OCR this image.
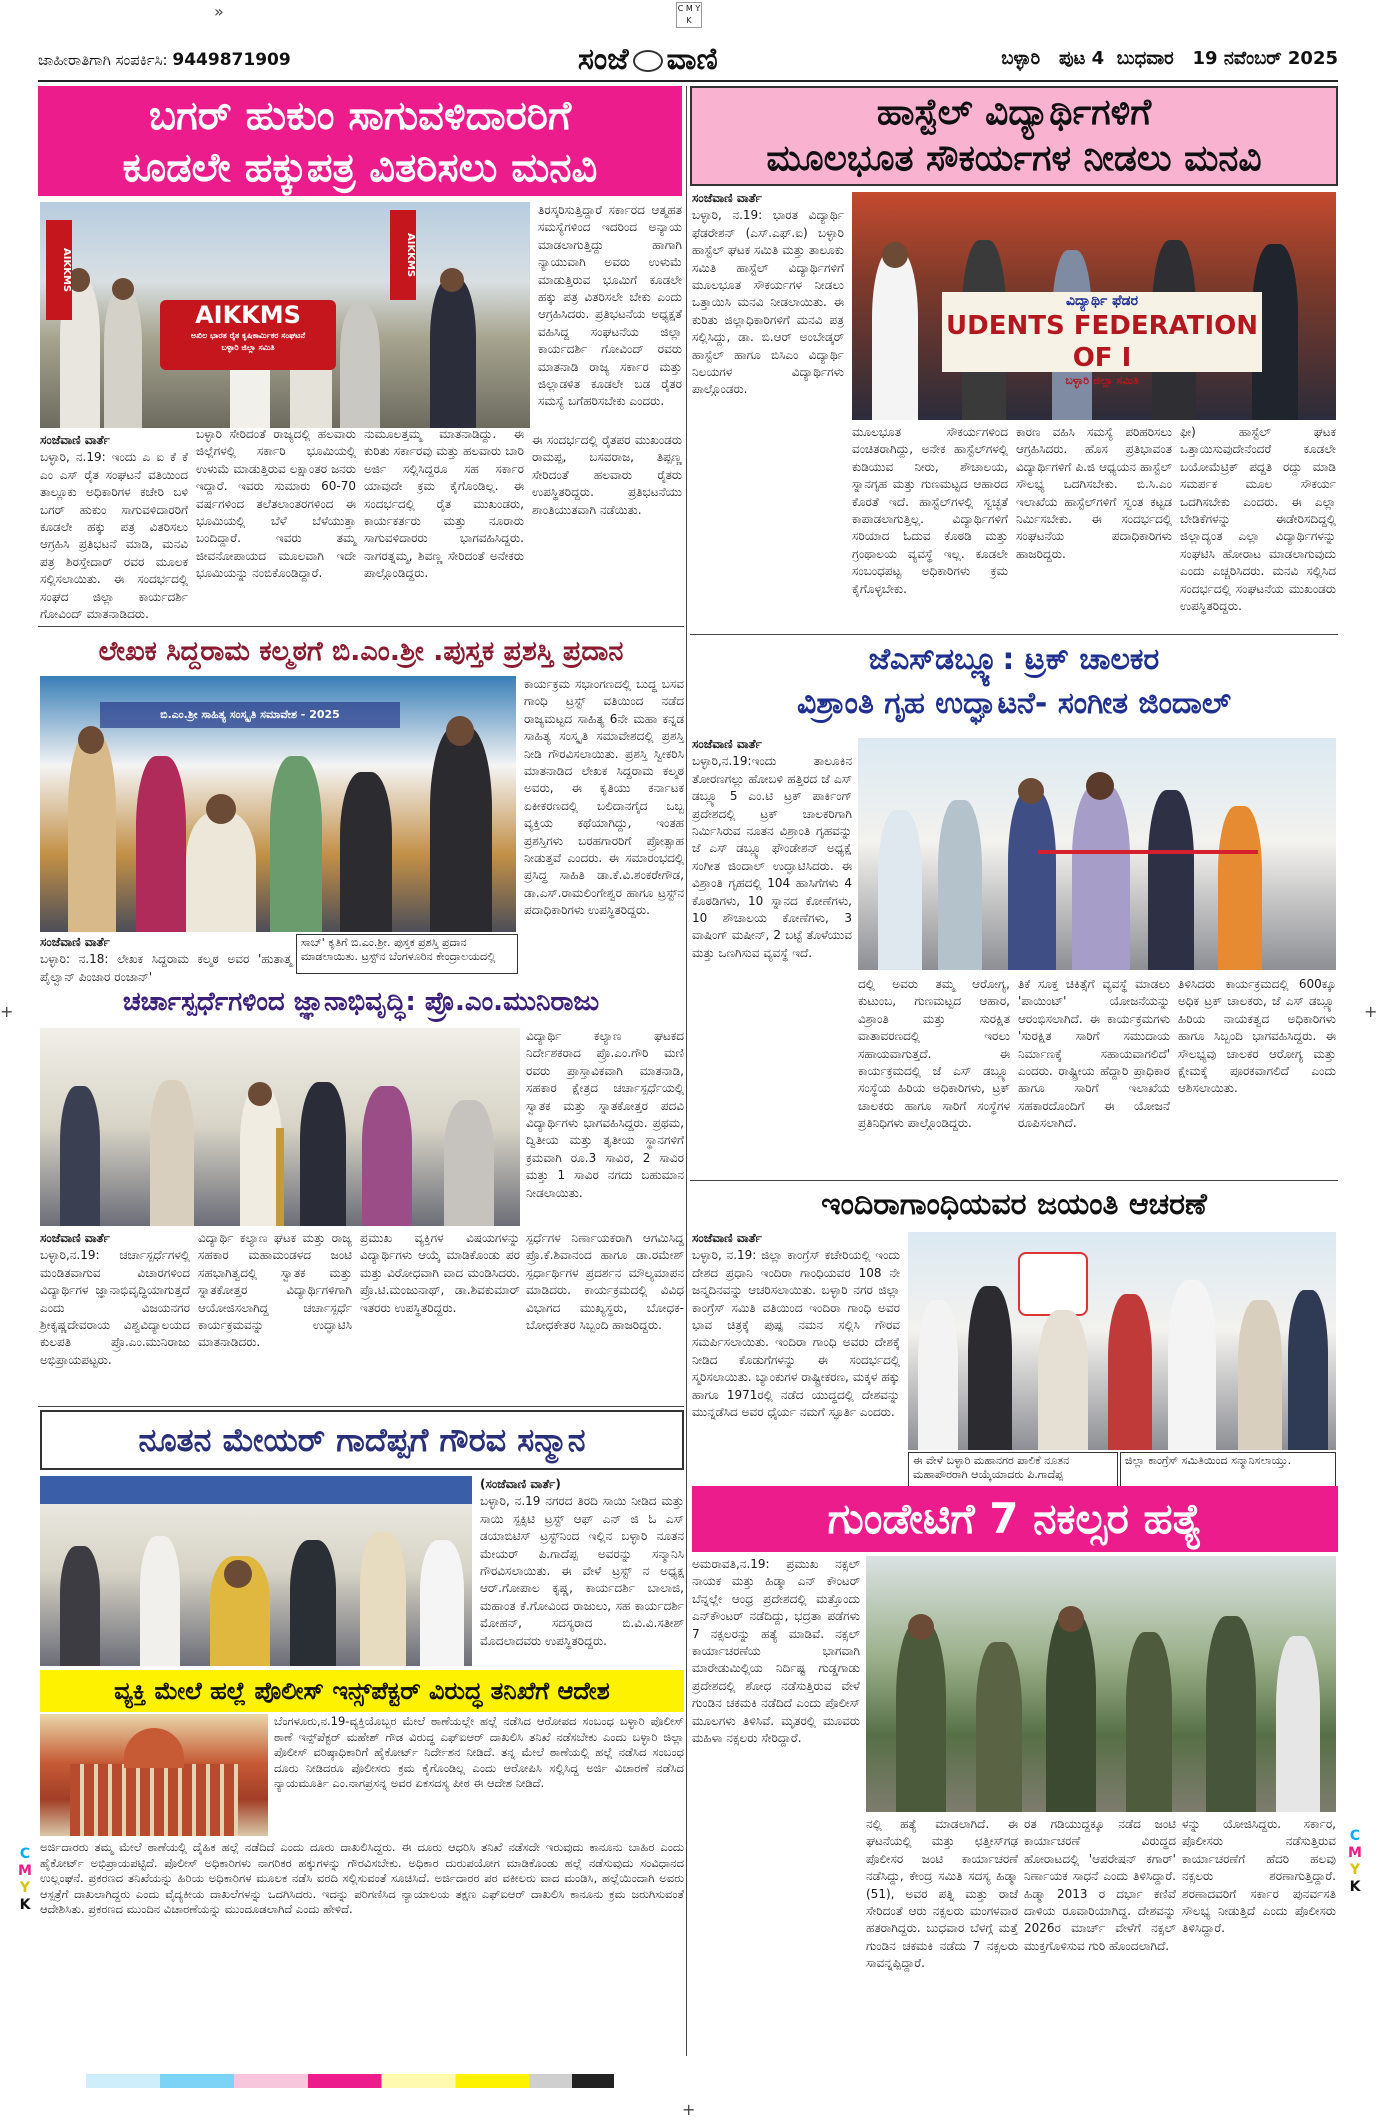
»	C M Y K
+	+
+
C
M
Y
K
C
M
Y
K
ಜಾಹೀರಾತಿಗಾಗಿ ಸಂಪರ್ಕಿಸಿ: 9449871909	ಸಂಜೆ ವಾಣಿ	ಬಳ್ಳಾರಿ ಪುಟ 4 ಬುಧವಾರ 19 ನವೆಂಬರ್ 2025
ಬಗರ್ ಹುಕುಂ ಸಾಗುವಳಿದಾರರಿಗೆ
ಕೂಡಲೇ ಹಕ್ಕುಪತ್ರ ವಿತರಿಸಲು ಮನವಿ
AIKKMS
ಅಖಿಲ ಭಾರತ ರೈತ ಕೃಷಿಕಾರ್ಮಿಕರ ಸಂಘಟನೆ
ಬಳ್ಳಾರಿ ಜಿಲ್ಲಾ ಸಮಿತಿ
AIKKMS	AIKKMS
ತಿರಸ್ಕರಿಸುತ್ತಿದ್ದಾರೆ ಸರ್ಕಾರದ ಆತ್ಮಹತ ಸಮಸ್ಯೆಗಳಿಂದ ಇದರಿಂದ ಅನ್ಯಾಯ ಮಾಡಲಾಗುತ್ತಿದ್ದು ಹಾಗಾಗಿ ನ್ಯಾಯುವಾಗಿ ಅವರು ಉಳುಮೆ ಮಾಡುತ್ತಿರುವ ಭೂಮಿಗೆ ಕೂಡಲೇ ಹಕ್ಕು ಪತ್ರ ವಿತರಿಸಲೇ ಬೇಕು ಎಂದು ಆಗ್ರಹಿಸಿದರು. ಪ್ರತಿಭಟನೆಯ ಅಧ್ಯಕ್ಷತೆ ವಹಿಸಿದ್ದ ಸಂಘಟನೆಯ ಜಿಲ್ಲಾ ಕಾರ್ಯದರ್ಶಿ ಗೋವಿಂದ್ ರವರು ಮಾತನಾಡಿ ರಾಜ್ಯ ಸರ್ಕಾರ ಮತ್ತು ಜಿಲ್ಲಾಡಳಿತ ಕೂಡಲೇ ಬಡ ರೈತರ ಸಮಸ್ಯೆ ಬಗೆಹರಿಸಬೇಕು ಎಂದರು.
ಸಂಜೆವಾಣಿ ವಾರ್ತೆ
ಬಳ್ಳಾರಿ, ನ.19: ಇಂದು ಎ ಐ ಕೆ ಕೆ ಎಂ ಎಸ್ ರೈತ ಸಂಘಟನೆ ವತಿಯಿಂದ ತಾಲ್ಲೂಕು ಅಧಿಕಾರಿಗಳ ಕಚೇರಿ ಬಳಿ ಬಗರ್ ಹುಕುಂ ಸಾಗುವಳಿದಾರರಿಗೆ ಕೂಡಲೇ ಹಕ್ಕು ಪತ್ರ ವಿತರಿಸಲು ಆಗ್ರಹಿಸಿ ಪ್ರತಿಭಟನೆ ಮಾಡಿ, ಮನವಿ ಪತ್ರ ಶಿರಸ್ತೇದಾರ್ ರವರ ಮೂಲಕ ಸಲ್ಲಿಸಲಾಯಿತು. ಈ ಸಂದರ್ಭದಲ್ಲಿ ಸಂಘದ ಜಿಲ್ಲಾ ಕಾರ್ಯದರ್ಶಿ ಗೋವಿಂದ್ ಮಾತನಾಡಿದರು.
ಬಳ್ಳಾರಿ ಸೇರಿದಂತೆ ರಾಜ್ಯದಲ್ಲಿ ಹಲವಾರು ಜಿಲ್ಲೆಗಳಲ್ಲಿ ಸರ್ಕಾರಿ ಭೂಮಿಯಲ್ಲಿ ಉಳುಮೆ ಮಾಡುತ್ತಿರುವ ಲಕ್ಷಾಂತರ ಜನರು ಇದ್ದಾರೆ. ಇವರು ಸುಮಾರು 60-70 ವರ್ಷಗಳಿಂದ ತಲೆತಲಾಂತರಗಳಿಂದ ಈ ಭೂಮಿಯಲ್ಲಿ ಬೆಳೆ ಬೆಳೆಯುತ್ತಾ ಬಂದಿದ್ದಾರೆ. ಇವರು ತಮ್ಮ ಜೀವನೋಪಾಯದ ಮೂಲವಾಗಿ ಇದೇ ಭೂಮಿಯನ್ನು ನಂಬಿಕೊಂಡಿದ್ದಾರೆ.
ನುಮೂಲತ್ತಮ್ಮ ಮಾತನಾಡಿದ್ದು. ಈ ಕುರಿತು ಸರ್ಕಾರವು ಮತ್ತು ಹಲವಾರು ಬಾರಿ ಅರ್ಜಿ ಸಲ್ಲಿಸಿದ್ದರೂ ಸಹ ಸರ್ಕಾರ ಯಾವುದೇ ಕ್ರಮ ಕೈಗೊಂಡಿಲ್ಲ. ಈ ಸಂದರ್ಭದಲ್ಲಿ ರೈತ ಮುಖಂಡರು, ಕಾರ್ಯಕರ್ತರು ಮತ್ತು ನೂರಾರು ಸಾಗುವಳಿದಾರರು ಭಾಗವಹಿಸಿದ್ದರು. ನಾಗರತ್ನಮ್ಮ, ಶಿವಣ್ಣ ಸೇರಿದಂತೆ ಅನೇಕರು ಪಾಲ್ಗೊಂಡಿದ್ದರು.
ಈ ಸಂದರ್ಭದಲ್ಲಿ ರೈತಪರ ಮುಖಂಡರು ರಾಮಪ್ಪ, ಬಸವರಾಜ, ತಿಪ್ಪಣ್ಣ ಸೇರಿದಂತೆ ಹಲವಾರು ರೈತರು ಉಪಸ್ಥಿತರಿದ್ದರು. ಪ್ರತಿಭಟನೆಯು ಶಾಂತಿಯುತವಾಗಿ ನಡೆಯಿತು.
ಹಾಸ್ಟೆಲ್ ವಿದ್ಯಾರ್ಥಿಗಳಿಗೆ
ಮೂಲಭೂತ ಸೌಕರ್ಯಗಳ ನೀಡಲು ಮನವಿ
ಸಂಜೆವಾಣಿ ವಾರ್ತೆ
ಬಳ್ಳಾರಿ, ನ.19: ಭಾರತ ವಿದ್ಯಾರ್ಥಿ ಫೆಡರೇಶನ್ (ಎಸ್.ಎಫ್.ಐ) ಬಳ್ಳಾರಿ ಹಾಸ್ಟೆಲ್ ಘಟಕ ಸಮಿತಿ ಮತ್ತು ತಾಲೂಕು ಸಮಿತಿ ಹಾಸ್ಟೆಲ್ ವಿದ್ಯಾರ್ಥಿಗಳಿಗೆ ಮೂಲಭೂತ ಸೌಕರ್ಯಗಳ ನೀಡಲು ಒತ್ತಾಯಿಸಿ ಮನವಿ ನೀಡಲಾಯಿತು. ಈ ಕುರಿತು ಜಿಲ್ಲಾಧಿಕಾರಿಗಳಿಗೆ ಮನವಿ ಪತ್ರ ಸಲ್ಲಿಸಿದ್ದು, ಡಾ. ಬಿ.ಆರ್ ಅಂಬೇಡ್ಕರ್ ಹಾಸ್ಟೆಲ್ ಹಾಗೂ ಬಿಸಿಎಂ ವಿದ್ಯಾರ್ಥಿ ನಿಲಯಗಳ ವಿದ್ಯಾರ್ಥಿಗಳು ಪಾಲ್ಗೊಂಡರು.
ವಿದ್ಯಾರ್ಥಿ ಫೆಡರ
UDENTS FEDERATION OF I
ಬಳ್ಳಾರಿ ಜಿಲ್ಲಾ ಸಮಿತಿ
ಮೂಲಭೂತ ಸೌಕರ್ಯಗಳಿಂದ ವಂಚಿತರಾಗಿದ್ದು, ಅನೇಕ ಹಾಸ್ಟೆಲ್‌ಗಳಲ್ಲಿ ಕುಡಿಯುವ ನೀರು, ಶೌಚಾಲಯ, ಸ್ನಾನಗೃಹ ಮತ್ತು ಗುಣಮಟ್ಟದ ಆಹಾರದ ಕೊರತೆ ಇದೆ. ಹಾಸ್ಟೆಲ್‌ಗಳಲ್ಲಿ ಸ್ವಚ್ಛತೆ ಕಾಪಾಡಲಾಗುತ್ತಿಲ್ಲ. ವಿದ್ಯಾರ್ಥಿಗಳಿಗೆ ಸರಿಯಾದ ಓದುವ ಕೊಠಡಿ ಮತ್ತು ಗ್ರಂಥಾಲಯ ವ್ಯವಸ್ಥೆ ಇಲ್ಲ. ಕೂಡಲೇ ಸಂಬಂಧಪಟ್ಟ ಅಧಿಕಾರಿಗಳು ಕ್ರಮ ಕೈಗೊಳ್ಳಬೇಕು.
ಕಾರಣ ವಹಿಸಿ ಸಮಸ್ಯೆ ಪರಿಹರಿಸಲು ಆಗ್ರಹಿಸಿದರು. ಹೊಸ ಪ್ರತಿಭಾವಂತ ವಿದ್ಯಾರ್ಥಿಗಳಿಗೆ ಪಿ.ಜಿ ಆಧ್ಯಯನ ಹಾಸ್ಟೆಲ್ ಸೌಲಭ್ಯ ಒದಗಿಸಬೇಕು. ಬಿ.ಸಿ.ಎಂ ಇಲಾಖೆಯ ಹಾಸ್ಟೆಲ್‌ಗಳಿಗೆ ಸ್ವಂತ ಕಟ್ಟಡ ನಿರ್ಮಿಸಬೇಕು. ಈ ಸಂದರ್ಭದಲ್ಲಿ ಸಂಘಟನೆಯ ಪದಾಧಿಕಾರಿಗಳು ಹಾಜರಿದ್ದರು.
ಫೀ) ಹಾಸ್ಟೆಲ್ ಘಟಕ ಒತ್ತಾಯಿಸುವುದೇನೆಂದರೆ ಕೂಡಲೇ ಬಯೋಮೆಟ್ರಿಕ್ ಪದ್ದತಿ ರದ್ದು ಮಾಡಿ ಸಮರ್ಪಕ ಮೂಲ ಸೌಕರ್ಯ ಒದಗಿಸಬೇಕು ಎಂದರು. ಈ ಎಲ್ಲಾ ಬೇಡಿಕೆಗಳನ್ನು ಈಡೇರಿಸದಿದ್ದಲ್ಲಿ ಜಿಲ್ಲಾದ್ಯಂತ ಎಲ್ಲಾ ವಿದ್ಯಾರ್ಥಿಗಳನ್ನು ಸಂಘಟಿಸಿ ಹೋರಾಟ ಮಾಡಲಾಗುವುದು ಎಂದು ಎಚ್ಚರಿಸಿದರು. ಮನವಿ ಸಲ್ಲಿಸಿದ ಸಂದರ್ಭದಲ್ಲಿ ಸಂಘಟನೆಯ ಮುಖಂಡರು ಉಪಸ್ಥಿತರಿದ್ದರು.
ಲೇಖಕ ಸಿದ್ದರಾಮ ಕಲ್ಮಠಗೆ ಬಿ.ಎಂ.ಶ್ರೀ .ಪುಸ್ತಕ ಪ್ರಶಸ್ತಿ ಪ್ರದಾನ
ಬಿ.ಎಂ.ಶ್ರೀ ಸಾಹಿತ್ಯ ಸಂಸ್ಕೃತಿ ಸಮಾವೇಶ - 2025
ಕಾರ್ಯಕ್ರಮ ಸಭಾಂಗಣದಲ್ಲಿ ಬುದ್ಧ ಬಸವ ಗಾಂಧಿ ಟ್ರಸ್ಟ್ ವತಿಯಿಂದ ನಡೆದ ರಾಜ್ಯಮಟ್ಟದ ಸಾಹಿತ್ಯ 6ನೇ ಮಹಾ ಕನ್ನಡ ಸಾಹಿತ್ಯ ಸಂಸ್ಕೃತಿ ಸಮಾವೇಶದಲ್ಲಿ ಪ್ರಶಸ್ತಿ ನೀಡಿ ಗೌರವಿಸಲಾಯಿತು. ಪ್ರಶಸ್ತಿ ಸ್ವೀಕರಿಸಿ ಮಾತನಾಡಿದ ಲೇಖಕ ಸಿದ್ದರಾಮ ಕಲ್ಮಠ ಅವರು, ಈ ಕೃತಿಯು ಕರ್ನಾಟಕ ಏಕೀಕರಣದಲ್ಲಿ ಬಲಿದಾನಗೈದ ಒಬ್ಬ ವ್ಯಕ್ತಿಯ ಕಥೆಯಾಗಿದ್ದು, ಇಂತಹ ಪ್ರಶಸ್ತಿಗಳು ಬರಹಗಾರರಿಗೆ ಪ್ರೋತ್ಸಾಹ ನೀಡುತ್ತವೆ ಎಂದರು. ಈ ಸಮಾರಂಭದಲ್ಲಿ ಪ್ರಸಿದ್ಧ ಸಾಹಿತಿ ಡಾ.ಕೆ.ವಿ.ಶಂಕರೇಗೌಡ, ಡಾ.ಎಸ್.ರಾಮಲಿಂಗೇಶ್ವರ ಹಾಗೂ ಟ್ರಸ್ಟ್‌ನ ಪದಾಧಿಕಾರಿಗಳು ಉಪಸ್ಥಿತರಿದ್ದರು.
ಸಂಜೆವಾಣಿ ವಾರ್ತೆ
ಬಳ್ಳಾರಿ: ನ.18: ಲೇಖಕ ಸಿದ್ದರಾಮ ಕಲ್ಮಠ ಅವರ 'ಹುತಾತ್ಮ ಪೈಲ್ವಾನ್ ಪಿಂಜಾರ ರಂಜಾನ್'
ಸಾಬ್' ಕೃತಿಗೆ ಬಿ.ಎಂ.ಶ್ರೀ. ಪುಸ್ತಕ ಪ್ರಶಸ್ತಿ ಪ್ರದಾನ ಮಾಡಲಾಯಿತು. ಟ್ರಸ್ಟ್‌ನ ಬೆಂಗಳೂರಿನ ಕೇಂದ್ರಾಲಯದಲ್ಲಿ
ಜೆಎಸ್‌ಡಬ್ಲ್ಯೂ: ಟ್ರಕ್ ಚಾಲಕರ
ವಿಶ್ರಾಂತಿ ಗೃಹ ಉದ್ಘಾಟನೆ- ಸಂಗೀತ ಜಿಂದಾಲ್
ಸಂಜೆವಾಣಿ ವಾರ್ತೆ
ಬಳ್ಳಾರಿ,ನ.19:ಇಂದು ತಾಲೂಕಿನ ತೋರಣಗಲ್ಲು ಹೋಬಳಿ ಹತ್ತಿರದ ಜೆ ಎಸ್ ಡಬ್ಲ್ಯೂ 5 ಎಂ.ಟಿ ಟ್ರಕ್ ಪಾರ್ಕಿಂಗ್ ಪ್ರದೇಶದಲ್ಲಿ ಟ್ರಕ್ ಚಾಲಕರಿಗಾಗಿ ನಿರ್ಮಿಸಿರುವ ನೂತನ ವಿಶ್ರಾಂತಿ ಗೃಹವನ್ನು ಜೆ ಎಸ್ ಡಬ್ಲ್ಯೂ ಫೌಂಡೇಶನ್ ಅಧ್ಯಕ್ಷೆ ಸಂಗೀತ ಜಿಂದಾಲ್ ಉದ್ಘಾಟಿಸಿದರು. ಈ ವಿಶ್ರಾಂತಿ ಗೃಹದಲ್ಲಿ 104 ಹಾಸಿಗೆಗಳು 4 ಕೊಠಡಿಗಳು, 10 ಸ್ನಾನದ ಕೋಣೆಗಳು, 10 ಶೌಚಾಲಯ ಕೋಣೆಗಳು, 3 ವಾಷಿಂಗ್ ಮಷೀನ್, 2 ಬಟ್ಟೆ ತೊಳೆಯುವ ಮತ್ತು ಒಣಗಿಸುವ ವ್ಯವಸ್ಥೆ ಇದೆ.
ದಲ್ಲಿ ಅವರು ತಮ್ಮ ಆರೋಗ್ಯ, ಕುಟುಂಬ, ಗುಣಮಟ್ಟದ ಆಹಾರ, ವಿಶ್ರಾಂತಿ ಮತ್ತು ಸುರಕ್ಷಿತ ವಾತಾವರಣದಲ್ಲಿ ಇರಲು ಸಹಾಯವಾಗುತ್ತದೆ. ಈ ಕಾರ್ಯಕ್ರಮದಲ್ಲಿ ಜೆ ಎಸ್ ಡಬ್ಲ್ಯೂ ಸಂಸ್ಥೆಯ ಹಿರಿಯ ಅಧಿಕಾರಿಗಳು, ಟ್ರಕ್ ಚಾಲಕರು ಹಾಗೂ ಸಾರಿಗೆ ಸಂಸ್ಥೆಗಳ ಪ್ರತಿನಿಧಿಗಳು ಪಾಲ್ಗೊಂಡಿದ್ದರು.
ತಿಕೆ ಸೂಕ್ತ ಚಿಕಿತ್ಸೆಗೆ ವ್ಯವಸ್ಥೆ ಮಾಡಲು 'ಪಾಯಿಂಟ್' ಯೋಜನೆಯನ್ನು ಆರಂಭಿಸಲಾಗಿದೆ. ಈ ಕಾರ್ಯಕ್ರಮಗಳು 'ಸುರಕ್ಷಿತ ಸಾರಿಗೆ ಸಮುದಾಯ ನಿರ್ಮಾಣಕ್ಕೆ ಸಹಾಯವಾಗಲಿದೆ' ಎಂದರು. ರಾಷ್ಟ್ರೀಯ ಹೆದ್ದಾರಿ ಪ್ರಾಧಿಕಾರ ಹಾಗೂ ಸಾರಿಗೆ ಇಲಾಖೆಯ ಸಹಕಾರದೊಂದಿಗೆ ಈ ಯೋಜನೆ ರೂಪಿಸಲಾಗಿದೆ.
ತಿಳಿಸಿದರು ಕಾರ್ಯಕ್ರಮದಲ್ಲಿ 600ಕ್ಕೂ ಅಧಿಕ ಟ್ರಕ್ ಚಾಲಕರು, ಜೆ ಎಸ್ ಡಬ್ಲ್ಯೂ ಹಿರಿಯ ನಾಯಕತ್ವದ ಅಧಿಕಾರಿಗಳು ಹಾಗೂ ಸಿಬ್ಬಂದಿ ಭಾಗವಹಿಸಿದ್ದರು. ಈ ಸೌಲಭ್ಯವು ಚಾಲಕರ ಆರೋಗ್ಯ ಮತ್ತು ಕ್ಷೇಮಕ್ಕೆ ಪೂರಕವಾಗಲಿದೆ ಎಂದು ಆಶಿಸಲಾಯಿತು.
ಚರ್ಚಾಸ್ಪರ್ಧೆಗಳಿಂದ ಜ್ಞಾನಾಭಿವೃದ್ಧಿ: ಪ್ರೊ.ಎಂ.ಮುನಿರಾಜು
ವಿದ್ಯಾರ್ಥಿ ಕಲ್ಯಾಣ ಘಟಕದ ನಿರ್ದೇಶಕರಾದ ಪ್ರೊ.ಎಂ.ಗೌರಿ ಮಣಿ ರವರು ಪ್ರಾಸ್ತಾವಿಕವಾಗಿ ಮಾತನಾಡಿ, ಸಹಕಾರ ಕ್ಷೇತ್ರದ ಚರ್ಚಾಸ್ಪರ್ಧೆಯಲ್ಲಿ ಸ್ವಾತಕ ಮತ್ತು ಸ್ನಾತಕೋತ್ತರ ಪದವಿ ವಿದ್ಯಾರ್ಥಿಗಳು ಭಾಗವಹಿಸಿದ್ದರು. ಪ್ರಥಮ, ದ್ವಿತೀಯ ಮತ್ತು ತೃತೀಯ ಸ್ಥಾನಗಳಿಗೆ ಕ್ರಮವಾಗಿ ರೂ.3 ಸಾವಿರ, 2 ಸಾವಿರ ಮತ್ತು 1 ಸಾವಿರ ನಗದು ಬಹುಮಾನ ನೀಡಲಾಯಿತು.
ಸಂಜೆವಾಣಿ ವಾರ್ತೆ
ಬಳ್ಳಾರಿ,ನ.19: ಚರ್ಚಾಸ್ಪರ್ಧೆಗಳಲ್ಲಿ ಮಂಡಿತವಾಗುವ ವಿಚಾರಗಳಿಂದ ವಿದ್ಯಾರ್ಥಿಗಳ ಜ್ಞಾನಾಭಿವೃದ್ಧಿಯಾಗುತ್ತದೆ ಎಂದು ವಿಜಯನಗರ ಶ್ರೀಕೃಷ್ಣದೇವರಾಯ ವಿಶ್ವವಿದ್ಯಾಲಯದ ಕುಲಪತಿ ಪ್ರೊ.ಎಂ.ಮುನಿರಾಜು ಅಭಿಪ್ರಾಯಪಟ್ಟರು.
ವಿದ್ಯಾರ್ಥಿ ಕಲ್ಯಾಣ ಘಟಕ ಮತ್ತು ರಾಜ್ಯ ಸಹಕಾರ ಮಹಾಮಂಡಳದ ಜಂಟಿ ಸಹಭಾಗಿತ್ವದಲ್ಲಿ ಸ್ವಾತಕ ಮತ್ತು ಸ್ನಾತಕೋತ್ತರ ವಿದ್ಯಾರ್ಥಿಗಳಿಗಾಗಿ ಆಯೋಜಿಸಲಾಗಿದ್ದ ಚರ್ಚಾಸ್ಪರ್ಧೆ ಕಾರ್ಯಕ್ರಮವನ್ನು ಉದ್ಘಾಟಿಸಿ ಮಾತನಾಡಿದರು.
ಪ್ರಮುಖ ವ್ಯಕ್ತಿಗಳ ವಿಷಯಗಳನ್ನು ವಿದ್ಯಾರ್ಥಿಗಳು ಆಯ್ಕೆ ಮಾಡಿಕೊಂಡು ಪರ ಮತ್ತು ವಿರೋಧವಾಗಿ ವಾದ ಮಂಡಿಸಿದರು. ಪ್ರೊ.ಟಿ.ಮಂಜುನಾಥ್, ಡಾ.ಶಿವಕುಮಾರ್ ಇತರರು ಉಪಸ್ಥಿತರಿದ್ದರು.
ಸ್ಪರ್ಧೆಗಳ ನಿರ್ಣಾಯಕರಾಗಿ ಆಗಮಿಸಿದ್ದ ಪ್ರೊ.ಕೆ.ಶಿವಾನಂದ ಹಾಗೂ ಡಾ.ರಮೇಶ್ ಸ್ಪರ್ಧಾರ್ಥಿಗಳ ಪ್ರದರ್ಶನ ಮೌಲ್ಯಮಾಪನ ಮಾಡಿದರು. ಕಾರ್ಯಕ್ರಮದಲ್ಲಿ ವಿವಿಧ ವಿಭಾಗದ ಮುಖ್ಯಸ್ಥರು, ಬೋಧಕ-ಬೋಧಕೇತರ ಸಿಬ್ಬಂದಿ ಹಾಜರಿದ್ದರು.
ಇಂದಿರಾಗಾಂಧಿಯವರ ಜಯಂತಿ ಆಚರಣೆ
ಸಂಜೆವಾಣಿ ವಾರ್ತೆ
ಬಳ್ಳಾರಿ, ನ.19: ಜಿಲ್ಲಾ ಕಾಂಗ್ರೆಸ್ ಕಚೇರಿಯಲ್ಲಿ ಇಂದು ದೇಶದ ಪ್ರಧಾನಿ ಇಂದಿರಾ ಗಾಂಧಿಯವರ 108 ನೇ ಜನ್ಮದಿನವನ್ನು ಆಚರಿಸಲಾಯಿತು. ಬಳ್ಳಾರಿ ನಗರ ಜಿಲ್ಲಾ ಕಾಂಗ್ರೆಸ್ ಸಮಿತಿ ವತಿಯಿಂದ ಇಂದಿರಾ ಗಾಂಧಿ ಅವರ ಭಾವ ಚಿತ್ರಕ್ಕೆ ಪುಷ್ಪ ನಮನ ಸಲ್ಲಿಸಿ ಗೌರವ ಸಮರ್ಪಿಸಲಾಯಿತು. ಇಂದಿರಾ ಗಾಂಧಿ ಅವರು ದೇಶಕ್ಕೆ ನೀಡಿದ ಕೊಡುಗೆಗಳನ್ನು ಈ ಸಂದರ್ಭದಲ್ಲಿ ಸ್ಮರಿಸಲಾಯಿತು. ಬ್ಯಾಂಕುಗಳ ರಾಷ್ಟ್ರೀಕರಣ, ಮಕ್ಕಳ ಹಕ್ಕು ಹಾಗೂ 1971ರಲ್ಲಿ ನಡೆದ ಯುದ್ಧದಲ್ಲಿ ದೇಶವನ್ನು ಮುನ್ನಡೆಸಿದ ಅವರ ಧೈರ್ಯ ನಮಗೆ ಸ್ಫೂರ್ತಿ ಎಂದರು.
ಈ ವೇಳೆ ಬಳ್ಳಾರಿ ಮಹಾನಗರ ಪಾಲಿಕೆ ನೂತನ ಮಹಾಪೌರರಾಗಿ ಆಯ್ಕೆಯಾದರು ಪಿ.ಗಾದೆಪ್ಪ
ಜಿಲ್ಲಾ ಕಾಂಗ್ರೆಸ್ ಸಮಿತಿಯಿಂದ ಸನ್ಮಾನಿಸಲಾಯ್ತು.
ನೂತನ ಮೇಯರ್ ಗಾದೆಪ್ಪಗೆ ಗೌರವ ಸನ್ಮಾನ
(ಸಂಜೆವಾಣಿ ವಾರ್ತೆ)
ಬಳ್ಳಾರಿ, ನ.19 ನಗರದ ತಿರದಿ ಸಾಯಿ ನೀಡಿದ ಮತ್ತು ಸಾಯಿ ಸ್ಪಕ್ಸಿಟಿ ಟ್ರಸ್ಟ್ ಆಫ್ ಎನ್ ಜಿ ಓ ಎಸ್ ಡಯಾಬಿಟಿಸ್ ಟ್ರಸ್ಟ್‌ನಿಂದ ಇಲ್ಲಿನ ಬಳ್ಳಾರಿ ನೂತನ ಮೇಯರ್ ಪಿ.ಗಾದೆಪ್ಪ ಅವರನ್ನು ಸನ್ಮಾನಿಸಿ ಗೌರವಿಸಲಾಯಿತು. ಈ ವೇಳೆ ಟ್ರಸ್ಟ್ ನ ಅಧ್ಯಕ್ಷ ಆರ್.ಗೋಪಾಲ ಕೃಷ್ಣ, ಕಾರ್ಯದರ್ಶಿ ಬಾಲಾಜಿ, ಮಹಾಂತ ಕೆ.ಗೋವಿಂದ ರಾಜುಲು, ಸಹ ಕಾರ್ಯದರ್ಶಿ ಮೋಹನ್, ಸದಸ್ಯರಾದ ಬಿ.ವಿ.ವಿ.ಸತೀಶ್ ಮೊದಲಾದವರು ಉಪಸ್ಥಿತರಿದ್ದರು.
ಗುಂಡೇಟಿಗೆ 7 ನಕಲ್ಸರ ಹತ್ಯೆ
ಅಮರಾವತಿ,ನ.19: ಪ್ರಮುಖ ನಕ್ಸಲ್ ನಾಯಕ ಮತ್ತು ಹಿಡ್ಮಾ ಎನ್ ಕೌಂಟರ್ ಬೆನ್ನಲ್ಲೇ ಆಂಧ್ರ ಪ್ರದೇಶದಲ್ಲಿ ಮತ್ತೊಂದು ಎನ್‌ಕೌಂಟರ್ ನಡೆದಿದ್ದು, ಭದ್ರತಾ ಪಡೆಗಳು 7 ನಕ್ಸಲರನ್ನು ಹತ್ಯೆ ಮಾಡಿವೆ. ನಕ್ಸಲ್ ಕಾರ್ಯಾಚರಣೆಯ ಭಾಗವಾಗಿ ಮಾರೇಡುಮಿಲ್ಲಿಯ ನಿರ್ದಿಷ್ಟ ಗುಡ್ಡಗಾಡು ಪ್ರದೇಶದಲ್ಲಿ ಶೋಧ ನಡೆಸುತ್ತಿರುವ ವೇಳೆ ಗುಂಡಿನ ಚಕಮಕಿ ನಡೆದಿದೆ ಎಂದು ಪೊಲೀಸ್ ಮೂಲಗಳು ತಿಳಿಸಿವೆ. ಮೃತರಲ್ಲಿ ಮೂವರು ಮಹಿಳಾ ನಕ್ಸಲರು ಸೇರಿದ್ದಾರೆ.
ನಲ್ಲಿ ಹತ್ಯೆ ಮಾಡಲಾಗಿದೆ. ಈ ಘಟನೆಯಲ್ಲಿ ಮತ್ತು ಛತ್ತೀಸ್‌ಗಢ ಪೊಲೀಸರ ಜಂಟಿ ಕಾರ್ಯಾಚರಣೆ ನಡೆಸಿದ್ದು, ಕೇಂದ್ರ ಸಮಿತಿ ಸದಸ್ಯ ಹಿಡ್ಮಾ (51), ಅವರ ಪತ್ನಿ ಮತ್ತು ರಾಜೆ ಸೇರಿದಂತೆ ಆರು ನಕ್ಸಲರು ಮಂಗಳವಾರ ಹತರಾಗಿದ್ದರು. ಬುಧವಾರ ಬೆಳಗ್ಗೆ ಮತ್ತೆ ಗುಂಡಿನ ಚಕಮಕಿ ನಡೆದು 7 ನಕ್ಸಲರು ಸಾವನ್ನಪ್ಪಿದ್ದಾರೆ.
ರತ ಗಡಿಯುದ್ದಕ್ಕೂ ನಡೆದ ಜಂಟಿ ಕಾರ್ಯಾಚರಣೆ ವಿರುದ್ಧದ ಹೋರಾಟದಲ್ಲಿ 'ಆಪರೇಷನ್ ಕಗಾರ್' ನಿರ್ಣಾಯಕ ಸಾಧನೆ ಎಂದು ತಿಳಿಸಿದ್ದಾರೆ. ಹಿಡ್ಮಾ 2013 ರ ದರ್ಭಾ ಕಣಿವೆ ದಾಳಿಯ ರೂವಾರಿಯಾಗಿದ್ದ. ದೇಶವನ್ನು 2026ರ ಮಾರ್ಚ್ ವೇಳೆಗೆ ನಕ್ಸಲ್ ಮುಕ್ತಗೊಳಿಸುವ ಗುರಿ ಹೊಂದಲಾಗಿದೆ.
ಳನ್ನು ಯೋಜಿಸಿದ್ದರು. ಸರ್ಕಾರ, ಪೊಲೀಸರು ನಡೆಸುತ್ತಿರುವ ಕಾರ್ಯಾಚರಣೆಗೆ ಹೆದರಿ ಹಲವು ನಕ್ಸಲರು ಶರಣಾಗುತ್ತಿದ್ದಾರೆ. ಶರಣಾದವರಿಗೆ ಸರ್ಕಾರ ಪುನರ್ವಸತಿ ಸೌಲಭ್ಯ ನೀಡುತ್ತಿದೆ ಎಂದು ಪೊಲೀಸರು ತಿಳಿಸಿದ್ದಾರೆ.
ವ್ಯಕ್ತಿ ಮೇಲೆ ಹಲ್ಲೆ ಪೊಲೀಸ್ ಇನ್ಸ್‌ಪೆಕ್ಟರ್ ವಿರುದ್ಧ ತನಿಖೆಗೆ ಆದೇಶ
ಬೆಂಗಳೂರು,ನ.19-ವ್ಯಕ್ತಿಯೊಬ್ಬರ ಮೇಲೆ ಠಾಣೆಯಲ್ಲೇ ಹಲ್ಲೆ ನಡೆಸಿದ ಆರೋಪದ ಸಂಬಂಧ ಬಳ್ಳಾರಿ ಪೊಲೀಸ್ ಠಾಣೆ ಇನ್ಸ್‌ಪೆಕ್ಟರ್ ಮಹೇಶ್ ಗೌಡ ವಿರುದ್ಧ ಎಫ್‌ಐಆರ್ ದಾಖಲಿಸಿ ತನಿಖೆ ನಡೆಸಬೇಕು ಎಂದು ಬಳ್ಳಾರಿ ಜಿಲ್ಲಾ ಪೊಲೀಸ್ ವರಿಷ್ಠಾಧಿಕಾರಿಗೆ ಹೈಕೋರ್ಟ್ ನಿರ್ದೇಶನ ನೀಡಿದೆ. ತನ್ನ ಮೇಲೆ ಠಾಣೆಯಲ್ಲಿ ಹಲ್ಲೆ ನಡೆಸಿದ ಸಂಬಂಧ ದೂರು ನೀಡಿದರೂ ಪೊಲೀಸರು ಕ್ರಮ ಕೈಗೊಂಡಿಲ್ಲ ಎಂದು ಆರೋಪಿಸಿ ಸಲ್ಲಿಸಿದ್ದ ಅರ್ಜಿ ವಿಚಾರಣೆ ನಡೆಸಿದ ನ್ಯಾಯಮೂರ್ತಿ ಎಂ.ನಾಗಪ್ರಸನ್ನ ಅವರ ಏಕಸದಸ್ಯ ಪೀಠ ಈ ಆದೇಶ ನೀಡಿದೆ.
ಅರ್ಜಿದಾರರು ತಮ್ಮ ಮೇಲೆ ಠಾಣೆಯಲ್ಲಿ ದೈಹಿಕ ಹಲ್ಲೆ ನಡೆದಿದೆ ಎಂದು ದೂರು ದಾಖಲಿಸಿದ್ದರು. ಈ ದೂರು ಆಧರಿಸಿ ತನಿಖೆ ನಡೆಸದೇ ಇರುವುದು ಕಾನೂನು ಬಾಹಿರ ಎಂದು ಹೈಕೋರ್ಟ್ ಅಭಿಪ್ರಾಯಪಟ್ಟಿದೆ. ಪೊಲೀಸ್ ಅಧಿಕಾರಿಗಳು ನಾಗರಿಕರ ಹಕ್ಕುಗಳನ್ನು ಗೌರವಿಸಬೇಕು. ಅಧಿಕಾರ ದುರುಪಯೋಗ ಮಾಡಿಕೊಂಡು ಹಲ್ಲೆ ನಡೆಸುವುದು ಸಂವಿಧಾನದ ಉಲ್ಲಂಘನೆ. ಪ್ರಕರಣದ ತನಿಖೆಯನ್ನು ಹಿರಿಯ ಅಧಿಕಾರಿಗಳ ಮೂಲಕ ನಡೆಸಿ ವರದಿ ಸಲ್ಲಿಸುವಂತೆ ಸೂಚಿಸಿದೆ. ಅರ್ಜಿದಾರರ ಪರ ವಕೀಲರು ವಾದ ಮಂಡಿಸಿ, ಹಲ್ಲೆಯಿಂದಾಗಿ ಅವರು ಆಸ್ಪತ್ರೆಗೆ ದಾಖಲಾಗಿದ್ದರು ಎಂದು ವೈದ್ಯಕೀಯ ದಾಖಲೆಗಳನ್ನು ಒದಗಿಸಿದರು. ಇದನ್ನು ಪರಿಗಣಿಸಿದ ನ್ಯಾಯಾಲಯ ತಕ್ಷಣ ಎಫ್‌ಐಆರ್ ದಾಖಲಿಸಿ ಕಾನೂನು ಕ್ರಮ ಜರುಗಿಸುವಂತೆ ಆದೇಶಿಸಿತು. ಪ್ರಕರಣದ ಮುಂದಿನ ವಿಚಾರಣೆಯನ್ನು ಮುಂದೂಡಲಾಗಿದೆ ಎಂದು ಹೇಳಿದೆ.
